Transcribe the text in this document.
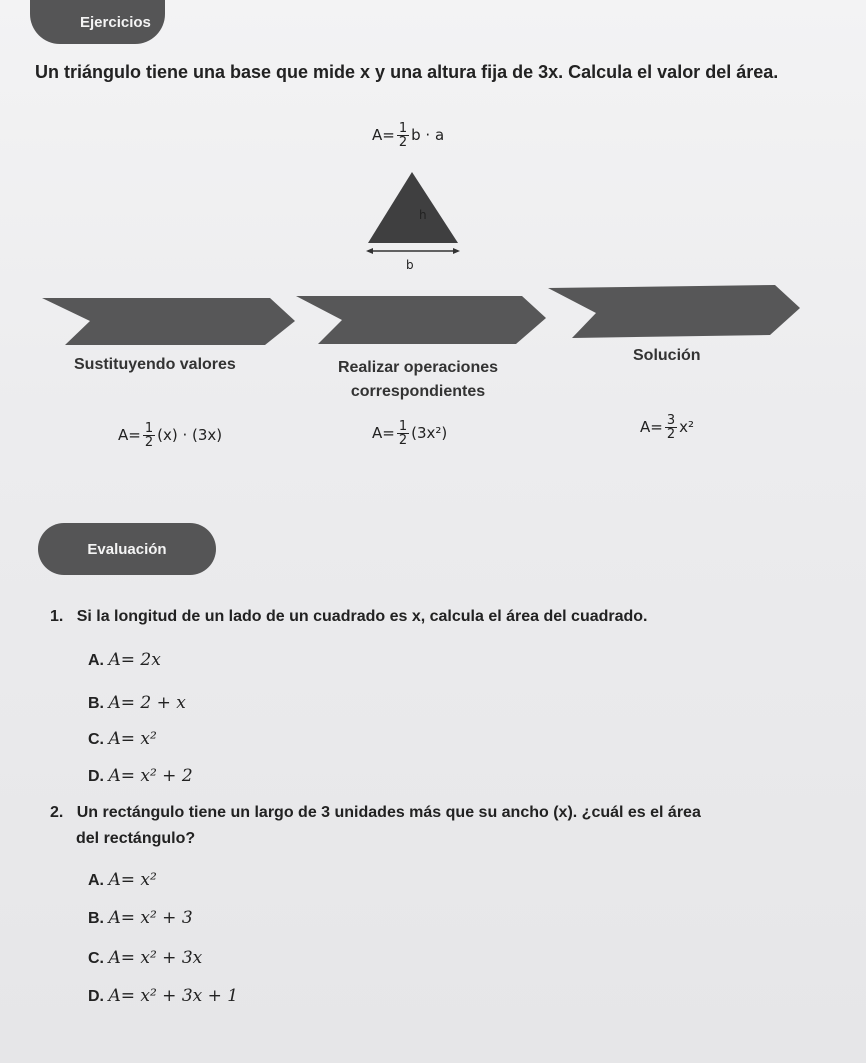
Ejercicios
Un triángulo tiene una base que mide x y una altura fija de 3x. Calcula el valor del área.
$A= \frac{1}{2}$ b · a
h
b
Sustituyendo valores	Realizar operaciones correspondientes
Solución
$A= \frac{1}{2} (x) \cdot (3x)$	$A= \frac{1}{2} (3x^2)$	$A= \frac{3}{2} x^2$
Evaluación
1. Si la longitud de un lado de un cuadrado es x, calcula el área del cuadrado.
A. A= 2x
B. A= 2 + x
C. A= x²
D. A= x² + 2
2. Un rectángulo tiene un largo de 3 unidades más que su ancho (x). ¿cuál es el área
del rectángulo?
A. A= x²
B. A= x² + 3
C. A= x² + 3x
D. A= x² + 3x + 1
